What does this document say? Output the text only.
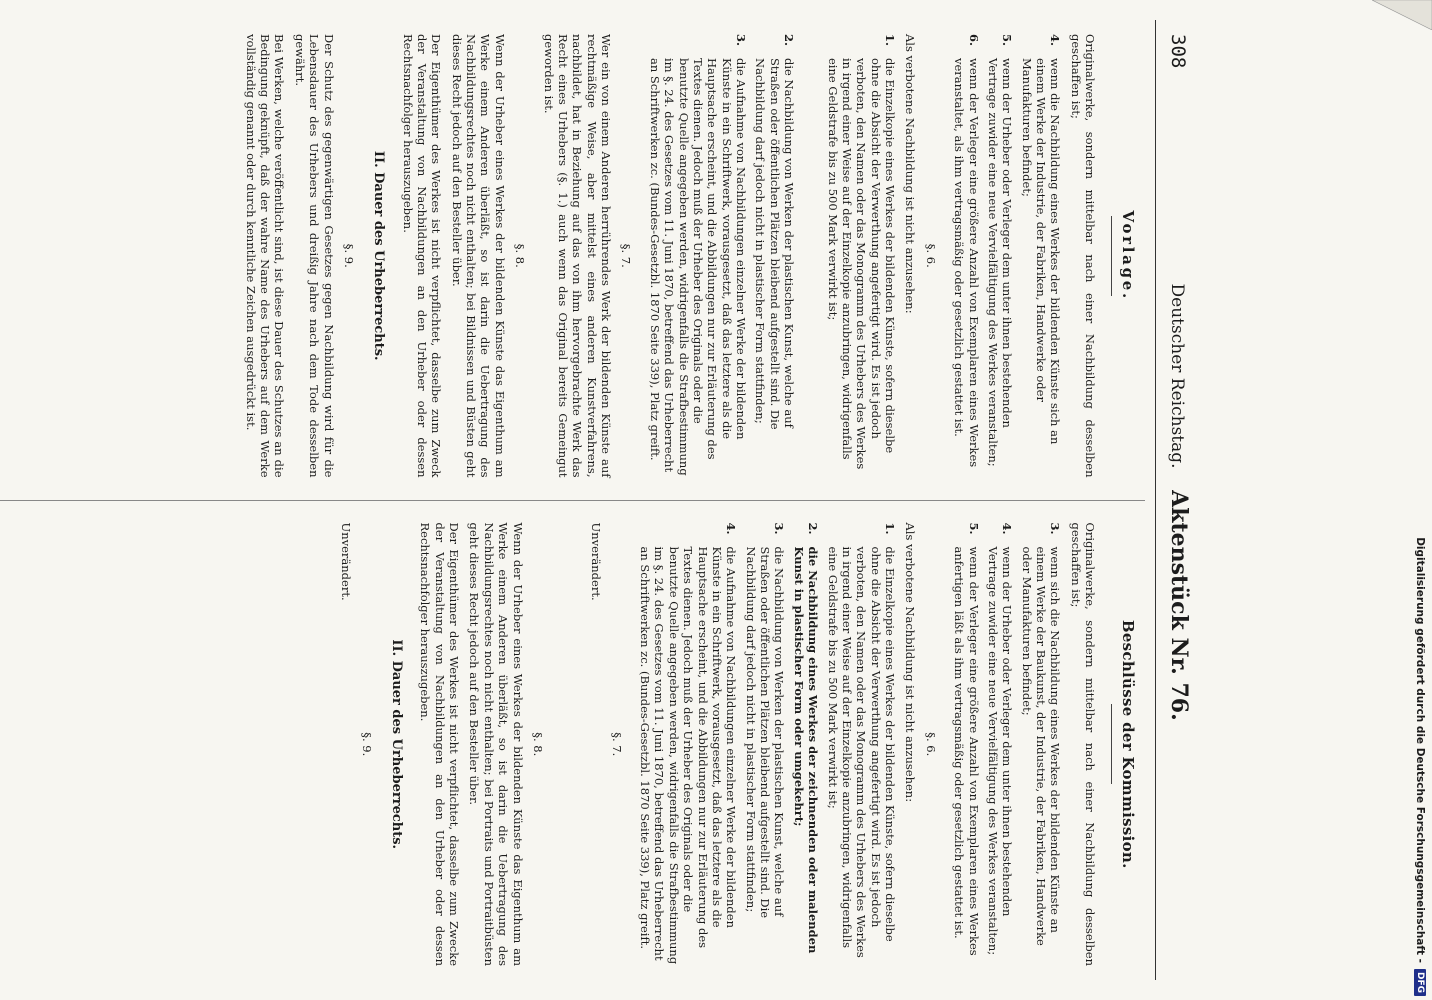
308
Deutscher Reichstag.    Aktenstück Nr. 76.
Vorlage.

Originalwerke, sondern mittelbar nach einer Nachbildung desselben geschaffen ist;

4.
wenn die Nachbildung eines Werkes der bildenden Künste sich an einem Werke der Industrie, der Fabriken, Handwerke oder Manufakturen befindet;
5.
wenn der Urheber oder Verleger dem unter ihnen bestehenden Vertrage zuwider eine neue Vervielfältigung des Werkes veranstalten;
6.
wenn der Verleger eine größere Anzahl von Exemplaren eines Werkes veranstaltet, als ihm vertragsmäßig oder gesetzlich gestattet ist.
§. 6.

Als verbotene Nachbildung ist nicht anzusehen:

1.
die Einzelkopie eines Werkes der bildenden Künste, sofern dieselbe ohne die Absicht der Verwerthung angefertigt wird. Es ist jedoch verboten, den Namen oder das Monogramm des Urhebers des Werkes in irgend einer Weise auf der Einzelkopie anzubringen, widrigenfalls eine Geldstrafe bis zu 500 Mark verwirkt ist;
2.
die Nachbildung von Werken der plastischen Kunst, welche auf Straßen oder öffentlichen Plätzen bleibend aufgestellt sind. Die Nachbildung darf jedoch nicht in plastischer Form stattfinden;
3.
die Aufnahme von Nachbildungen einzelner Werke der bildenden Künste in ein Schriftwerk, vorausgesetzt, daß das letztere als die Hauptsache erscheint, und die Abbildungen nur zur Erläuterung des Textes dienen. Jedoch muß der Urheber des Originals oder die benutzte Quelle angegeben werden, widrigenfalls die Strafbestimmung im §. 24. des Gesetzes vom 11. Juni 1870, betreffend das Urheberrecht an Schriftwerken zc. (Bundes-Gesetzbl. 1870 Seite 339), Platz greift.
§. 7.

Wer ein von einem Anderen herrührendes Werk der bildenden Künste auf rechtmäßige Weise, aber mittelst eines anderen Kunstverfahrens, nachbildet, hat in Beziehung auf das von ihm hervorgebrachte Werk das Recht eines Urhebers (§. 1.) auch wenn das Original bereits Gemeingut geworden ist.

§. 8.

Wenn der Urheber eines Werkes der bildenden Künste das Eigenthum am Werke einem Anderen überläßt, so ist darin die Uebertragung des Nachbildungsrechtes noch nicht enthalten; bei Bildnissen und Büsten geht dieses Recht jedoch auf den Besteller über.

Der Eigenthümer des Werkes ist nicht verpflichtet, dasselbe zum Zweck der Veranstaltung von Nachbildungen an den Urheber oder dessen Rechtsnachfolger herauszugeben.

II. Dauer des Urheberrechts.
§. 9.

Der Schutz des gegenwärtigen Gesetzes gegen Nachbildung wird für die Lebensdauer des Urhebers und dreißig Jahre nach dem Tode desselben gewährt.

Bei Werken, welche veröffentlicht sind, ist diese Dauer des Schutzes an die Bedingung geknüpft, daß der wahre Name des Urhebers auf dem Werke vollständig genannt oder durch kenntliche Zeichen ausgedrückt ist.

Beschlüsse der Kommission.

Originalwerke, sondern mittelbar nach einer Nachbildung desselben geschaffen ist;

3.
wenn sich die Nachbildung eines Werkes der bildenden Künste an einem Werke der Baukunst, der Industrie, der Fabriken, Handwerke oder Manufakturen befindet;
4.
wenn der Urheber oder Verleger dem unter ihnen bestehenden Vertrage zuwider eine neue Vervielfältigung des Werkes veranstalten;
5.
wenn der Verleger eine größere Anzahl von Exemplaren eines Werkes anfertigen läßt als ihm vertragsmäßig oder gesetzlich gestattet ist.
§. 6.

Als verbotene Nachbildung ist nicht anzusehen:

1.
die Einzelkopie eines Werkes der bildenden Künste, sofern dieselbe ohne die Absicht der Verwerthung angefertigt wird. Es ist jedoch verboten, den Namen oder das Monogramm des Urhebers des Werkes in irgend einer Weise auf der Einzelkopie anzubringen, widrigenfalls eine Geldstrafe bis zu 500 Mark verwirkt ist;
2.
die Nachbildung eines Werkes der zeichnenden oder malenden Kunst in plastischer Form oder umgekehrt;
3.
die Nachbildung von Werken der plastischen Kunst, welche auf Straßen oder öffentlichen Plätzen bleibend aufgestellt sind. Die Nachbildung darf jedoch nicht in plastischer Form stattfinden;
4.
die Aufnahme von Nachbildungen einzelner Werke der bildenden Künste in ein Schriftwerk, vorausgesetzt, daß das letztere als die Hauptsache erscheint, und die Abbildungen nur zur Erläuterung des Textes dienen. Jedoch muß der Urheber des Originals oder die benutzte Quelle angegeben werden, widrigenfalls die Strafbestimmung im §. 24. des Gesetzes vom 11. Juni 1870, betreffend das Urheberrecht an Schriftwerken zc. (Bundes-Gesetzbl. 1870 Seite 339), Platz greift.
§. 7.

Unverändert.

§. 8.

Wenn der Urheber eines Werkes der bildenden Künste das Eigenthum am Werke einem Anderen überläßt, so ist darin die Uebertragung des Nachbildungsrechtes noch nicht enthalten; bei Portraits und Portraitbüsten geht dieses Recht jedoch auf den Besteller über.

Der Eigenthümer des Werkes ist nicht verpflichtet, dasselbe zum Zwecke der Veranstaltung von Nachbildungen an den Urheber oder dessen Rechtsnachfolger herauszugeben.

II. Dauer des Urheberrechts.
§. 9.

Unverändert.	Digitalisierung gefördert durch die Deutsche Forschungsgemeinschaft -
DFG
